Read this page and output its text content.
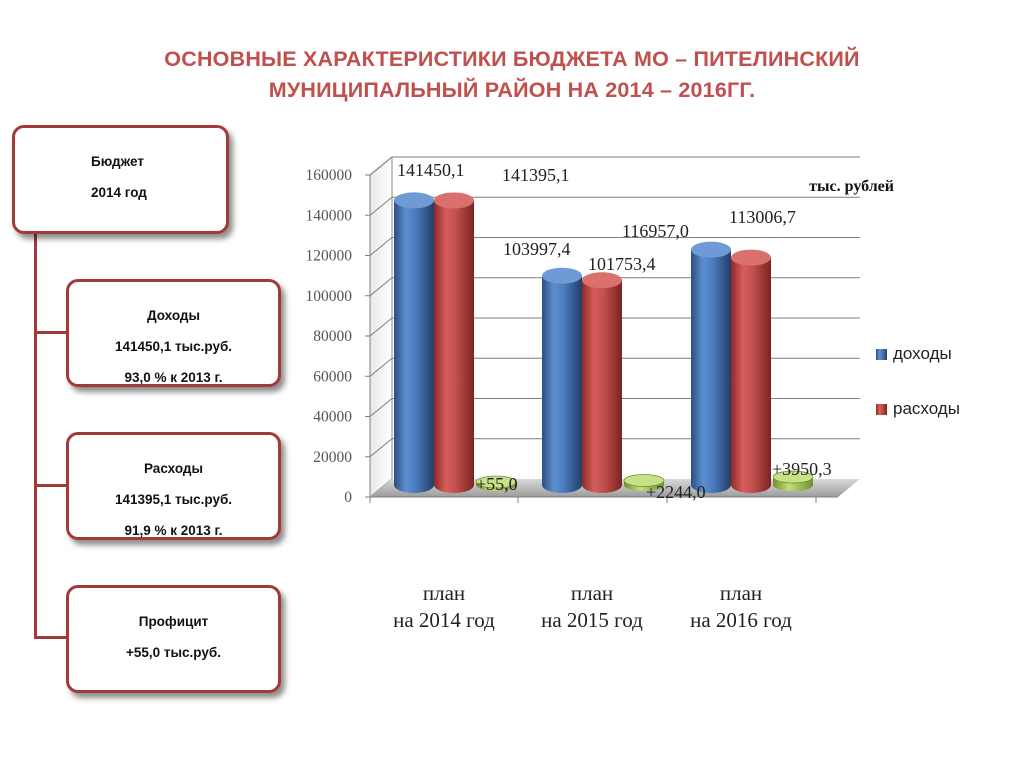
ОСНОВНЫЕ ХАРАКТЕРИСТИКИ БЮДЖЕТА МО – ПИТЕЛИНСКИЙ
МУНИЦИПАЛЬНЫЙ РАЙОН НА 2014 – 2016ГГ.
Бюджет
2014 год
Доходы
141450,1 тыс.руб.
93,0 % к 2013 г.
Расходы
141395,1 тыс.руб.
91,9 % к 2013 г.
Профицит
+55,0 тыс.руб.
0
20000
40000
60000
80000
100000
120000
140000
160000
тыс. рублей
141450,1 141395,1
+55,0
план
на 2014 год
103997,4
101753,4
+2244,0
план
на 2015 год
116957,0
113006,7
+3950,3
план
на 2016 год
доходы
расходы
